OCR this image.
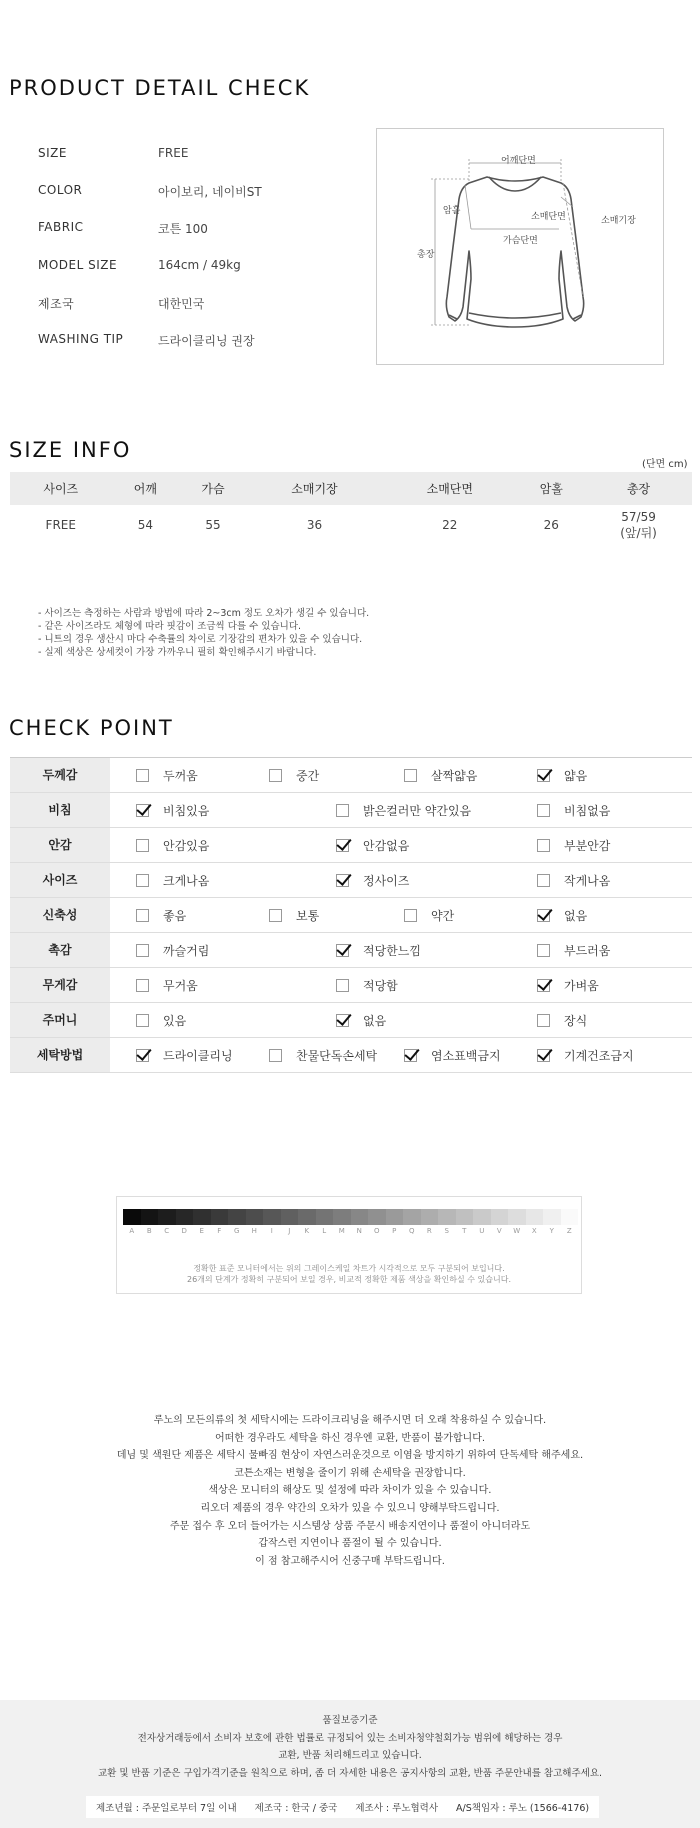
PRODUCT DETAIL CHECK
SIZE	FREE
COLOR	아이보리, 네이비ST
FABRIC	코튼 100
MODEL SIZE	164cm / 49kg
제조국	대한민국
WASHING TIP	드라이클리닝 권장
어깨단면
암홀
소매단면	소매기장
가슴단면
총장
SIZE INFO
(단면 cm)
사이즈	어깨	가슴	소매기장	소매단면	암홀	총장

FREE	54	55	36	22	26	57/59
(앞/뒤)
- 사이즈는 측정하는 사람과 방법에 따라 2~3cm 정도 오차가 생길 수 있습니다.
- 같은 사이즈라도 체형에 따라 핏감이 조금씩 다를 수 있습니다.
- 니트의 경우 생산시 마다 수축률의 차이로 기장감의 편차가 있을 수 있습니다.
- 실제 색상은 상세컷이 가장 가까우니 필히 확인해주시기 바랍니다.
CHECK POINT
두께감	두꺼움	중간	살짝얇음	얇음
비침	비침있음	밝은컬러만 약간있음	비침없음
안감	안감있음	안감없음	부분안감
사이즈	크게나옴	정사이즈	작게나옴
신축성	좋음	보통	약간	없음
촉감	까슬거림	적당한느낌	부드러움
무게감	무거움	적당함	가벼움
주머니	있음	없음	장식
세탁방법	드라이클리닝	찬물단독손세탁	염소표백금지	기계건조금지
A	B	C	D	E	F	G	H	I	J	K	L	M	N	O	P	Q	R	S	T	U	V	W	X	Y	Z
정확한 표준 모니터에서는 위의 그레이스케일 차트가 시각적으로 모두 구분되어 보입니다.
26개의 단계가 정확히 구분되어 보일 경우, 비교적 정확한 제품 색상을 확인하실 수 있습니다.
루노의 모든의류의 첫 세탁시에는 드라이크리닝을 해주시면 더 오래 착용하실 수 있습니다.
어떠한 경우라도 세탁을 하신 경우엔 교환, 반품이 불가합니다.
데님 및 색원단 제품은 세탁시 물빠짐 현상이 자연스러운것으로 이염을 방지하기 위하여 단독세탁 해주세요.
코튼소재는 변형을 줄이기 위해 손세탁을 권장합니다.
색상은 모니터의 해상도 및 설정에 따라 차이가 있을 수 있습니다.
리오더 제품의 경우 약간의 오차가 있을 수 있으니 양해부탁드립니다.
주문 접수 후 오더 들어가는 시스템상 상품 주문시 배송지연이나 품절이 아니더라도
갑작스런 지연이나 품절이 될 수 있습니다.
이 점 참고해주시어 신중구매 부탁드립니다.
품질보증기준
전자상거래등에서 소비자 보호에 관한 법률로 규정되어 있는 소비자청약철회가능 범위에 해당하는 경우
교환, 반품 처리해드리고 있습니다.
교환 및 반품 기준은 구입가격기준을 원칙으로 하며, 좀 더 자세한 내용은 공지사항의 교환, 반품 주문안내를 참고해주세요.
제조년월 : 주문일로부터 7일 이내 제조국 : 한국 / 중국 제조사 : 루노협력사 A/S책임자 : 루노 (1566-4176)
